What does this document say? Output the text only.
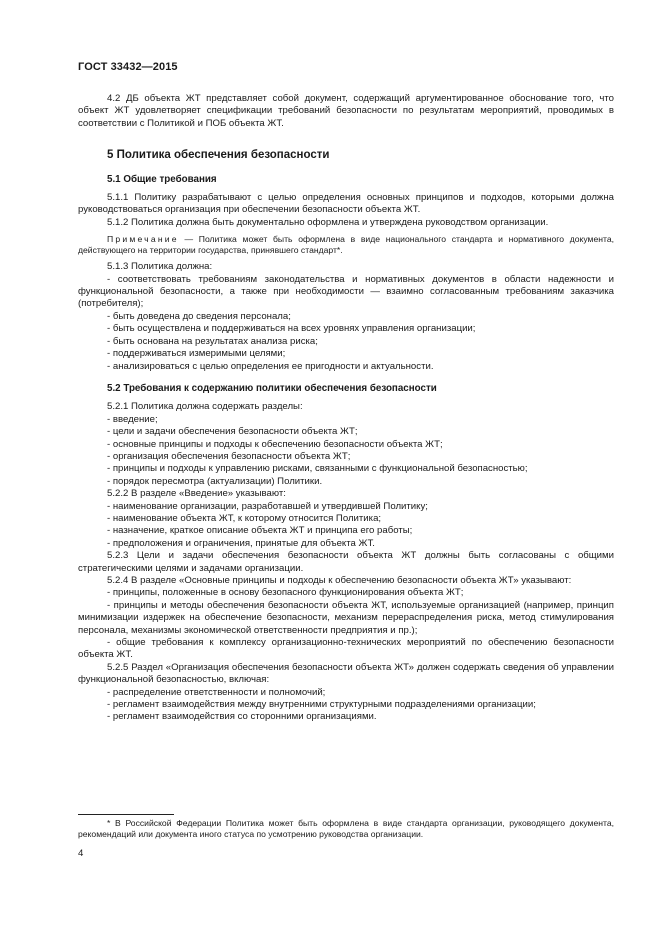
ГОСТ 33432—2015

4.2 ДБ объекта ЖТ представляет собой документ, содержащий аргументированное обоснование того, что объект ЖТ удовлетворяет спецификации требований безопасности по результатам мероприятий, проводимых в соответствии с Политикой и ПОБ объекта ЖТ.

5 Политика обеспечения безопасности
5.1 Общие требования

5.1.1 Политику разрабатывают с целью определения основных принципов и подходов, которыми должна руководствоваться организация при обеспечении безопасности объекта ЖТ.

5.1.2 Политика должна быть документально оформлена и утверждена руководством организации.

Примечание — Политика может быть оформлена в виде национального стандарта и нормативного документа, действующего на территории государства, принявшего стандарт*.

5.1.3 Политика должна:

- соответствовать требованиям законодательства и нормативных документов в области надежности и функциональной безопасности, а также при необходимости — взаимно согласованным требованиям заказчика (потребителя);

- быть доведена до сведения персонала;

- быть осуществлена и поддерживаться на всех уровнях управления организации;

- быть основана на результатах анализа риска;

- поддерживаться измеримыми целями;

- анализироваться с целью определения ее пригодности и актуальности.

5.2 Требования к содержанию политики обеспечения безопасности

5.2.1 Политика должна содержать разделы:

- введение;

- цели и задачи обеспечения безопасности объекта ЖТ;

- основные принципы и подходы к обеспечению безопасности объекта ЖТ;

- организация обеспечения безопасности объекта ЖТ;

- принципы и подходы к управлению рисками, связанными с функциональной безопасностью;

- порядок пересмотра (актуализации) Политики.

5.2.2 В разделе «Введение» указывают:

- наименование организации, разработавшей и утвердившей Политику;

- наименование объекта ЖТ, к которому относится Политика;

- назначение, краткое описание объекта ЖТ и принципа его работы;

- предположения и ограничения, принятые для объекта ЖТ.

5.2.3 Цели и задачи обеспечения безопасности объекта ЖТ должны быть согласованы с общими стратегическими целями и задачами организации.

5.2.4 В разделе «Основные принципы и подходы к обеспечению безопасности объекта ЖТ» указывают:

- принципы, положенные в основу безопасного функционирования объекта ЖТ;

- принципы и методы обеспечения безопасности объекта ЖТ, используемые организацией (например, принцип минимизации издержек на обеспечение безопасности, механизм перераспределения риска, метод стимулирования персонала, механизмы экономической ответственности предприятия и пр.);

- общие требования к комплексу организационно-технических мероприятий по обеспечению безопасности объекта ЖТ.

5.2.5 Раздел «Организация обеспечения безопасности объекта ЖТ» должен содержать сведения об управлении функциональной безопасностью, включая:

- распределение ответственности и полномочий;

- регламент взаимодействия между внутренними структурными подразделениями организации;

- регламент взаимодействия со сторонними организациями.

* В Российской Федерации Политика может быть оформлена в виде стандарта организации, руководящего документа, рекомендаций или документа иного статуса по усмотрению руководства организации.
4
